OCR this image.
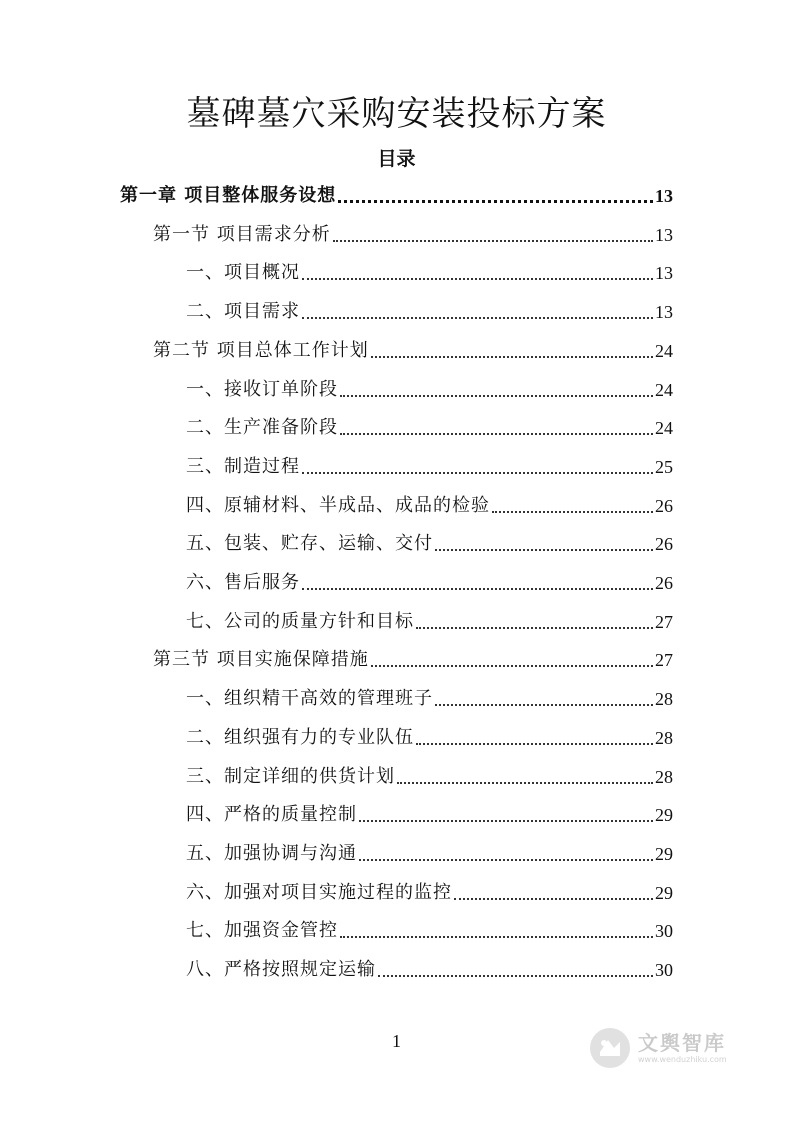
墓碑墓穴采购安装投标方案
目录
第一章 项目整体服务设想	13
第一节 项目需求分析	13
一、项目概况	13
二、项目需求	13
第二节 项目总体工作计划	24
一、接收订单阶段	24
二、生产准备阶段	24
三、制造过程	25
四、原辅材料、半成品、成品的检验	26
五、包装、贮存、运输、交付	26
六、售后服务	26
七、公司的质量方针和目标	27
第三节 项目实施保障措施	27
一、组织精干高效的管理班子	28
二、组织强有力的专业队伍	28
三、制定详细的供货计划	28
四、严格的质量控制	29
五、加强协调与沟通	29
六、加强对项目实施过程的监控	29
七、加强资金管控	30
八、严格按照规定运输	30
1	文舆智库
www.wenduzhiku.com
